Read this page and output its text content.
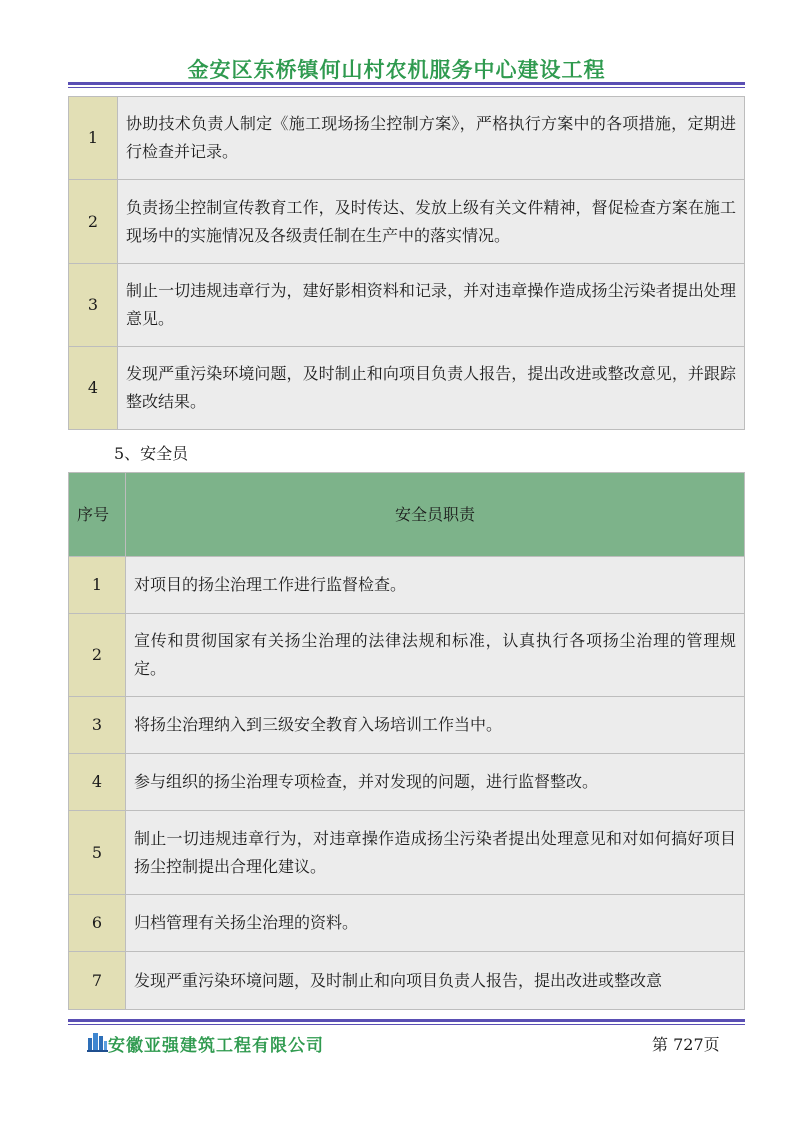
金安区东桥镇何山村农机服务中心建设工程
1	协助技术负责人制定《施工现场扬尘控制方案》，严格执行方案中的各项措施，定期进行检查并记录。
2	负责扬尘控制宣传教育工作，及时传达、发放上级有关文件精神，督促检查方案在施工现场中的实施情况及各级责任制在生产中的落实情况。
3	制止一切违规违章行为，建好影相资料和记录，并对违章操作造成扬尘污染者提出处理意见。
4	发现严重污染环境问题，及时制止和向项目负责人报告，提出改进或整改意见，并跟踪整改结果。
5、安全员
序号	安全员职责
1	对项目的扬尘治理工作进行监督检查。
2	宣传和贯彻国家有关扬尘治理的法律法规和标准，认真执行各项扬尘治理的管理规定。
3	将扬尘治理纳入到三级安全教育入场培训工作当中。
4	参与组织的扬尘治理专项检查，并对发现的问题，进行监督整改。
5	制止一切违规违章行为，对违章操作造成扬尘污染者提出处理意见和对如何搞好项目扬尘控制提出合理化建议。
6	归档管理有关扬尘治理的资料。
7	发现严重污染环境问题，及时制止和向项目负责人报告，提出改进或整改意
安徽亚强建筑工程有限公司	第 727页
